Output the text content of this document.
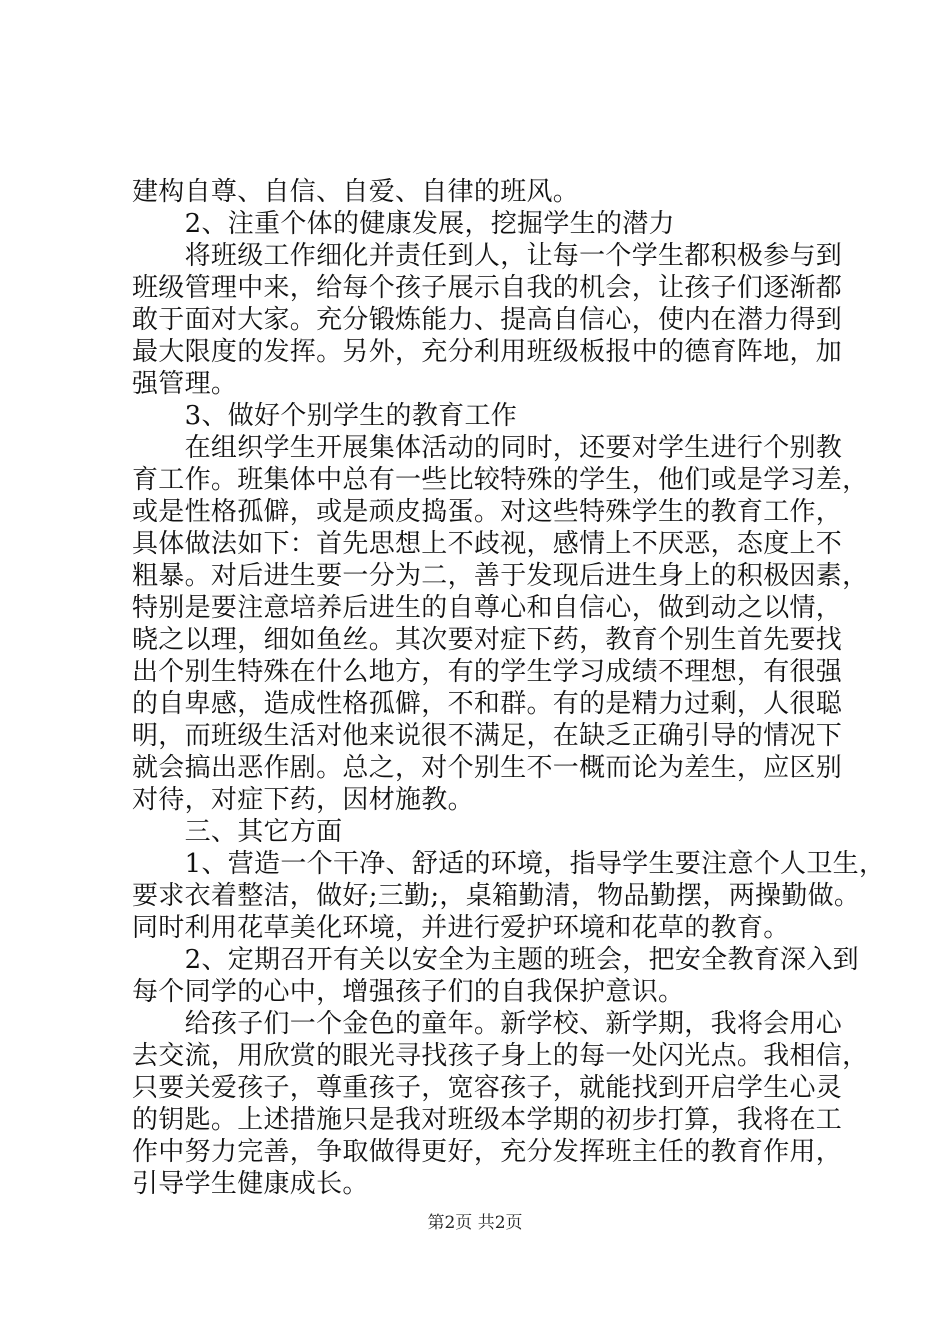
建构自尊、自信、自爱、自律的班风。
　　2、注重个体的健康发展，挖掘学生的潜力
　　将班级工作细化并责任到人，让每一个学生都积极参与到
班级管理中来，给每个孩子展示自我的机会，让孩子们逐渐都
敢于面对大家。充分锻炼能力、提高自信心，使内在潜力得到
最大限度的发挥。另外，充分利用班级板报中的德育阵地，加
强管理。
　　3、做好个别学生的教育工作
　　在组织学生开展集体活动的同时，还要对学生进行个别教
育工作。班集体中总有一些比较特殊的学生，他们或是学习差，
或是性格孤僻，或是顽皮捣蛋。对这些特殊学生的教育工作，
具体做法如下：首先思想上不歧视，感情上不厌恶，态度上不
粗暴。对后进生要一分为二，善于发现后进生身上的积极因素，
特别是要注意培养后进生的自尊心和自信心，做到动之以情，
晓之以理，细如鱼丝。其次要对症下药，教育个别生首先要找
出个别生特殊在什么地方，有的学生学习成绩不理想，有很强
的自卑感，造成性格孤僻，不和群。有的是精力过剩，人很聪
明，而班级生活对他来说很不满足，在缺乏正确引导的情况下
就会搞出恶作剧。总之，对个别生不一概而论为差生，应区别
对待，对症下药，因材施教。
　　三、其它方面
　　1、营造一个干净、舒适的环境，指导学生要注意个人卫生，
要求衣着整洁，做好;三勤;，桌箱勤清，物品勤摆，两操勤做。
同时利用花草美化环境，并进行爱护环境和花草的教育。
　　2、定期召开有关以安全为主题的班会，把安全教育深入到
每个同学的心中，增强孩子们的自我保护意识。
　　给孩子们一个金色的童年。新学校、新学期，我将会用心
去交流，用欣赏的眼光寻找孩子身上的每一处闪光点。我相信，
只要关爱孩子，尊重孩子，宽容孩子，就能找到开启学生心灵
的钥匙。上述措施只是我对班级本学期的初步打算，我将在工
作中努力完善，争取做得更好，充分发挥班主任的教育作用，
引导学生健康成长。
第2页 共2页
